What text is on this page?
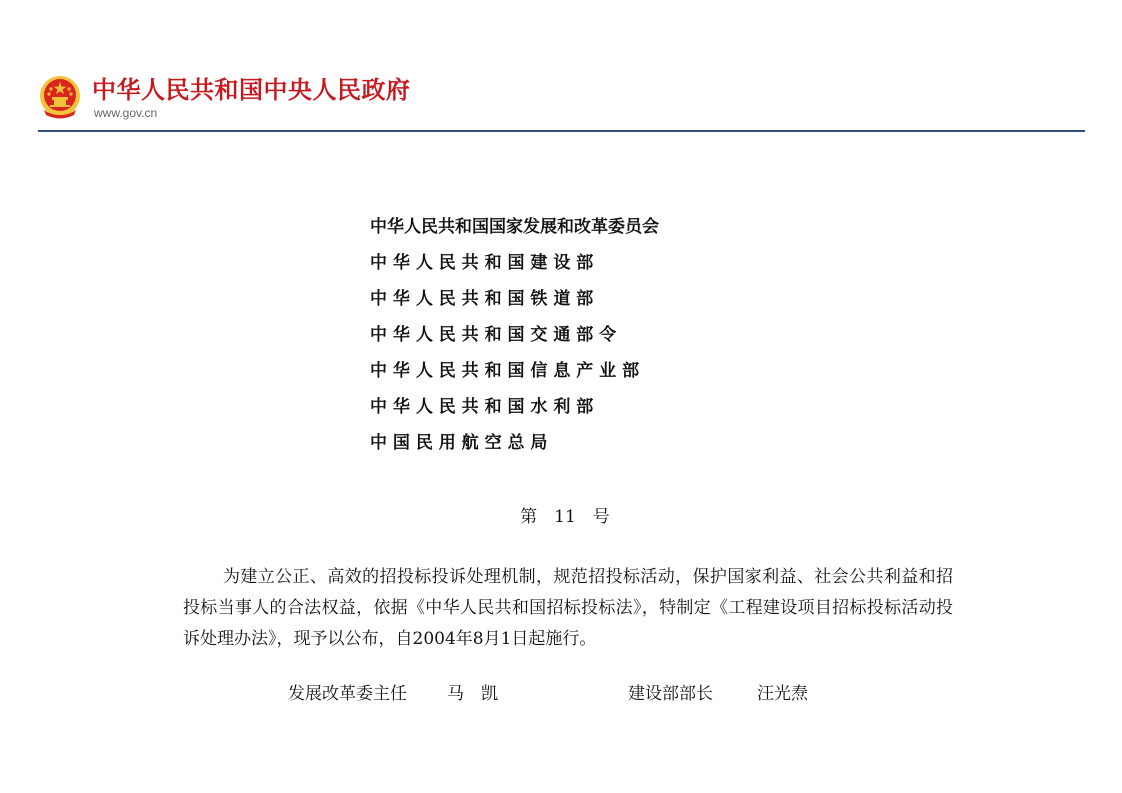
中华人民共和国中央人民政府
www.gov.cn
中华人民共和国国家发展和改革委员会
中 华 人 民 共 和 国 建 设 部
中 华 人 民 共 和 国 铁 道 部
中 华 人 民 共 和 国 交 通 部 令
中 华 人 民 共 和 国 信 息 产 业 部
中 华 人 民 共 和 国 水 利 部
中 国 民 用 航 空 总 局
第　11　号
为建立公正、高效的招投标投诉处理机制，规范招投标活动，保护国家利益、社会公共利益和招投标当事人的合法权益，依据《中华人民共和国招标投标法》，特制定《工程建设项目招标投标活动投诉处理办法》，现予以公布，自2004年8月1日起施行。
发展改革委主任 马　凯	建设部部长	汪光焘
